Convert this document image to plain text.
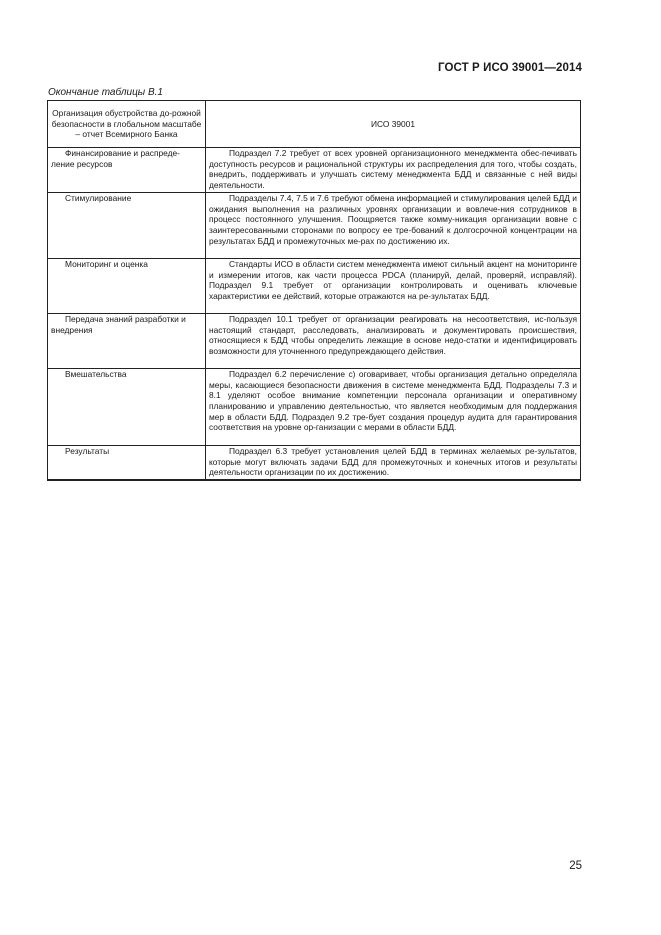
ГОСТ Р ИСО 39001—2014
Окончание таблицы В.1
Организация обустройства до-рожной безопасности в глобальном масштабе – отчет Всемирного Банка	ИСО 39001

Финансирование и распреде-ление ресурсов	Подраздел 7.2 требует от всех уровней организационного менеджмента обес-печивать доступность ресурсов и рациональной структуры их распределения для того, чтобы создать, внедрить, поддерживать и улучшать систему менеджмента БДД и связанные с ней виды деятельности.

Стимулирование	Подразделы 7.4, 7.5 и 7.6 требуют обмена информацией и стимулирования целей БДД и ожидания выполнения на различных уровнях организации и вовлече-ния сотрудников в процесс постоянного улучшения. Поощряется также комму-никация организации вовне с заинтересованными сторонами по вопросу ее тре-бований к долгосрочной концентрации на результатах БДД и промежуточных ме-рах по достижению их.

Мониторинг и оценка	Стандарты ИСО в области систем менеджмента имеют сильный акцент на мониторинге и измерении итогов, как части процесса PDCA (планируй, делай, проверяй, исправляй). Подраздел 9.1 требует от организации контролировать и оценивать ключевые характеристики ее действий, которые отражаются на ре-зультатах БДД.

Передача знаний разработки и внедрения	Подраздел 10.1 требует от организации реагировать на несоответствия, ис-пользуя настоящий стандарт, расследовать, анализировать и документировать происшествия, относящиеся к БДД чтобы определить лежащие в основе недо-статки и идентифицировать возможности для уточненного предупреждающего действия.

Вмешательства	Подраздел 6.2 перечисление c) оговаривает, чтобы организация детально определяла меры, касающиеся безопасности движения в системе менеджмента БДД. Подразделы 7.3 и 8.1 уделяют особое внимание компетенции персонала организации и оперативному планированию и управлению деятельностью, что является необходимым для поддержания мер в области БДД. Подраздел 9.2 тре-бует создания процедур аудита для гарантирования соответствия на уровне ор-ганизации с мерами в области БДД.

Результаты	Подраздел 6.3 требует установления целей БДД в терминах желаемых ре-зультатов, которые могут включать задачи БДД для промежуточных и конечных итогов и результаты деятельности организации по их достижению.
25
